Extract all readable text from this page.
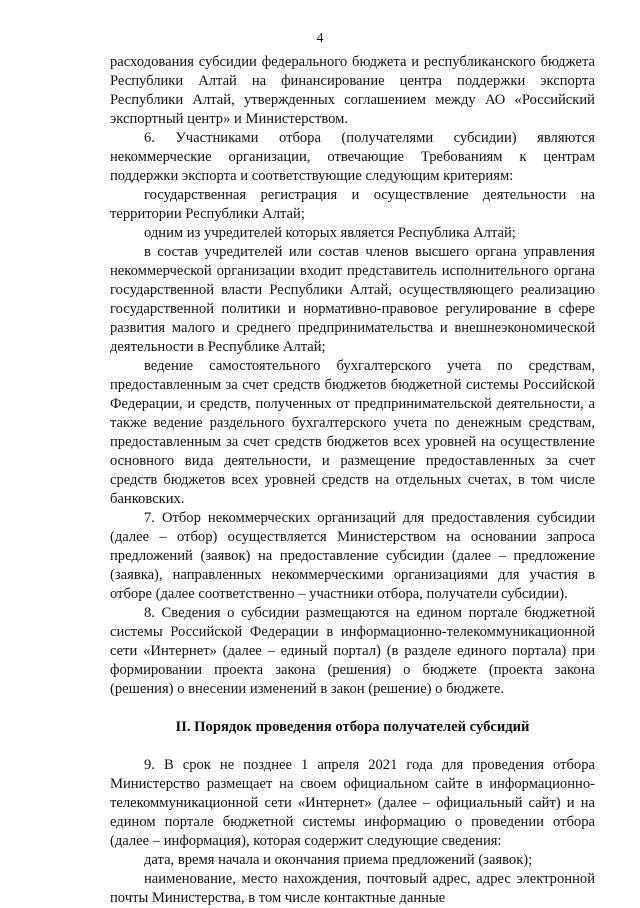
4

расходования субсидии федерального бюджета и республиканского бюджета Республики Алтай на финансирование центра поддержки экспорта Республики Алтай, утвержденных соглашением между АО «Российский экспортный центр» и Министерством.

6. Участниками отбора (получателями субсидии) являются некоммерческие организации, отвечающие Требованиям к центрам поддержки экспорта и соответствующие следующим критериям:

государственная регистрация и осуществление деятельности на территории Республики Алтай;

одним из учредителей которых является Республика Алтай;

в состав учредителей или состав членов высшего органа управления некоммерческой организации входит представитель исполнительного органа государственной власти Республики Алтай, осуществляющего реализацию государственной политики и нормативно-правовое регулирование в сфере развития малого и среднего предпринимательства и внешнеэкономической деятельности в Республике Алтай;

ведение самостоятельного бухгалтерского учета по средствам, предоставленным за счет средств бюджетов бюджетной системы Российской Федерации, и средств, полученных от предпринимательской деятельности, а также ведение раздельного бухгалтерского учета по денежным средствам, предоставленным за счет средств бюджетов всех уровней на осуществление основного вида деятельности, и размещение предоставленных за счет средств бюджетов всех уровней средств на отдельных счетах, в том числе банковских.

7. Отбор некоммерческих организаций для предоставления субсидии (далее – отбор) осуществляется Министерством на основании запроса предложений (заявок) на предоставление субсидии (далее – предложение (заявка), направленных некоммерческими организациями для участия в отборе (далее соответственно – участники отбора, получатели субсидии).

8. Сведения о субсидии размещаются на едином портале бюджетной системы Российской Федерации в информационно-телекоммуникационной сети «Интернет» (далее – единый портал) (в разделе единого портала) при формировании проекта закона (решения) о бюджете (проекта закона (решения) о внесении изменений в закон (решение) о бюджете.

II. Порядок проведения отбора получателей субсидий

9. В срок не позднее 1 апреля 2021 года для проведения отбора Министерство размещает на своем официальном сайте в информационно-телекоммуникационной сети «Интернет» (далее – официальный сайт) и на едином портале бюджетной системы информацию о проведении отбора (далее – информация), которая содержит следующие сведения:

дата, время начала и окончания приема предложений (заявок);

наименование, место нахождения, почтовый адрес, адрес электронной почты Министерства, в том числе контактные данные
